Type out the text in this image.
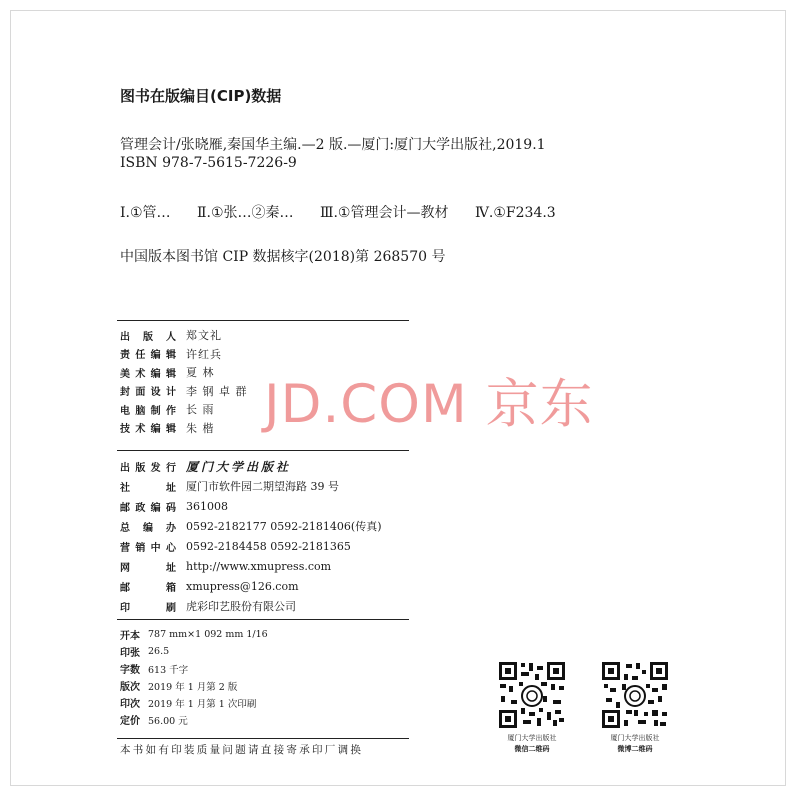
图书在版编目(CIP)数据
管理会计/张晓雁,秦国华主编.—2 版.—厦门:厦门大学出版社,2019.1
ISBN 978-7-5615-7226-9
Ⅰ.①管… Ⅱ.①张…②秦… Ⅲ.①管理会计—教材 Ⅳ.①F234.3
中国版本图书馆 CIP 数据核字(2018)第 268570 号
出版人 郑文礼
责任编辑 许红兵
美术编辑 夏 林
封面设计 李 钢 卓 群
电脑制作 长 雨
技术编辑 朱 楷
出版发行 厦门大学出版社
社址 厦门市软件园二期望海路 39 号
邮政编码 361008
总编办 0592-2182177 0592-2181406(传真)
营销中心 0592-2184458 0592-2181365
网址 http://www.xmupress.com
邮箱 xmupress@126.com
印刷 虎彩印艺股份有限公司
开本 787 mm×1 092 mm 1/16
印张 26.5
字数 613 千字
版次 2019 年 1 月第 2 版
印次 2019 年 1 月第 1 次印刷
定价 56.00 元
本书如有印装质量问题请直接寄承印厂调换
JD.COM 京东
厦门大学出版社
微信二维码
厦门大学出版社
微博二维码
